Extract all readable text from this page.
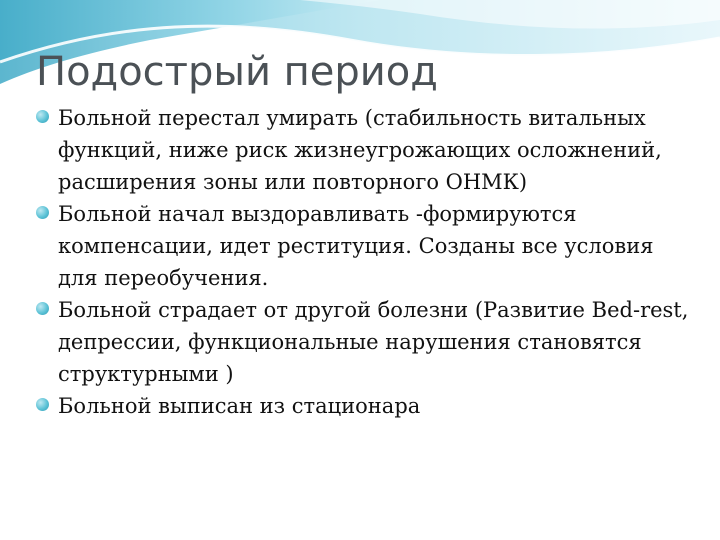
Подострый период
Больной перестал умирать (стабильность витальных функций, ниже риск жизнеугрожающих осложнений, расширения зоны или повторного ОНМК)
Больной начал выздоравливать -формируются компенсации, идет реституция. Созданы все условия для переобучения.
Больной страдает от другой болезни (Развитие Bed-rest, депрессии, функциональные нарушения становятся структурными )
Больной выписан из стационара
